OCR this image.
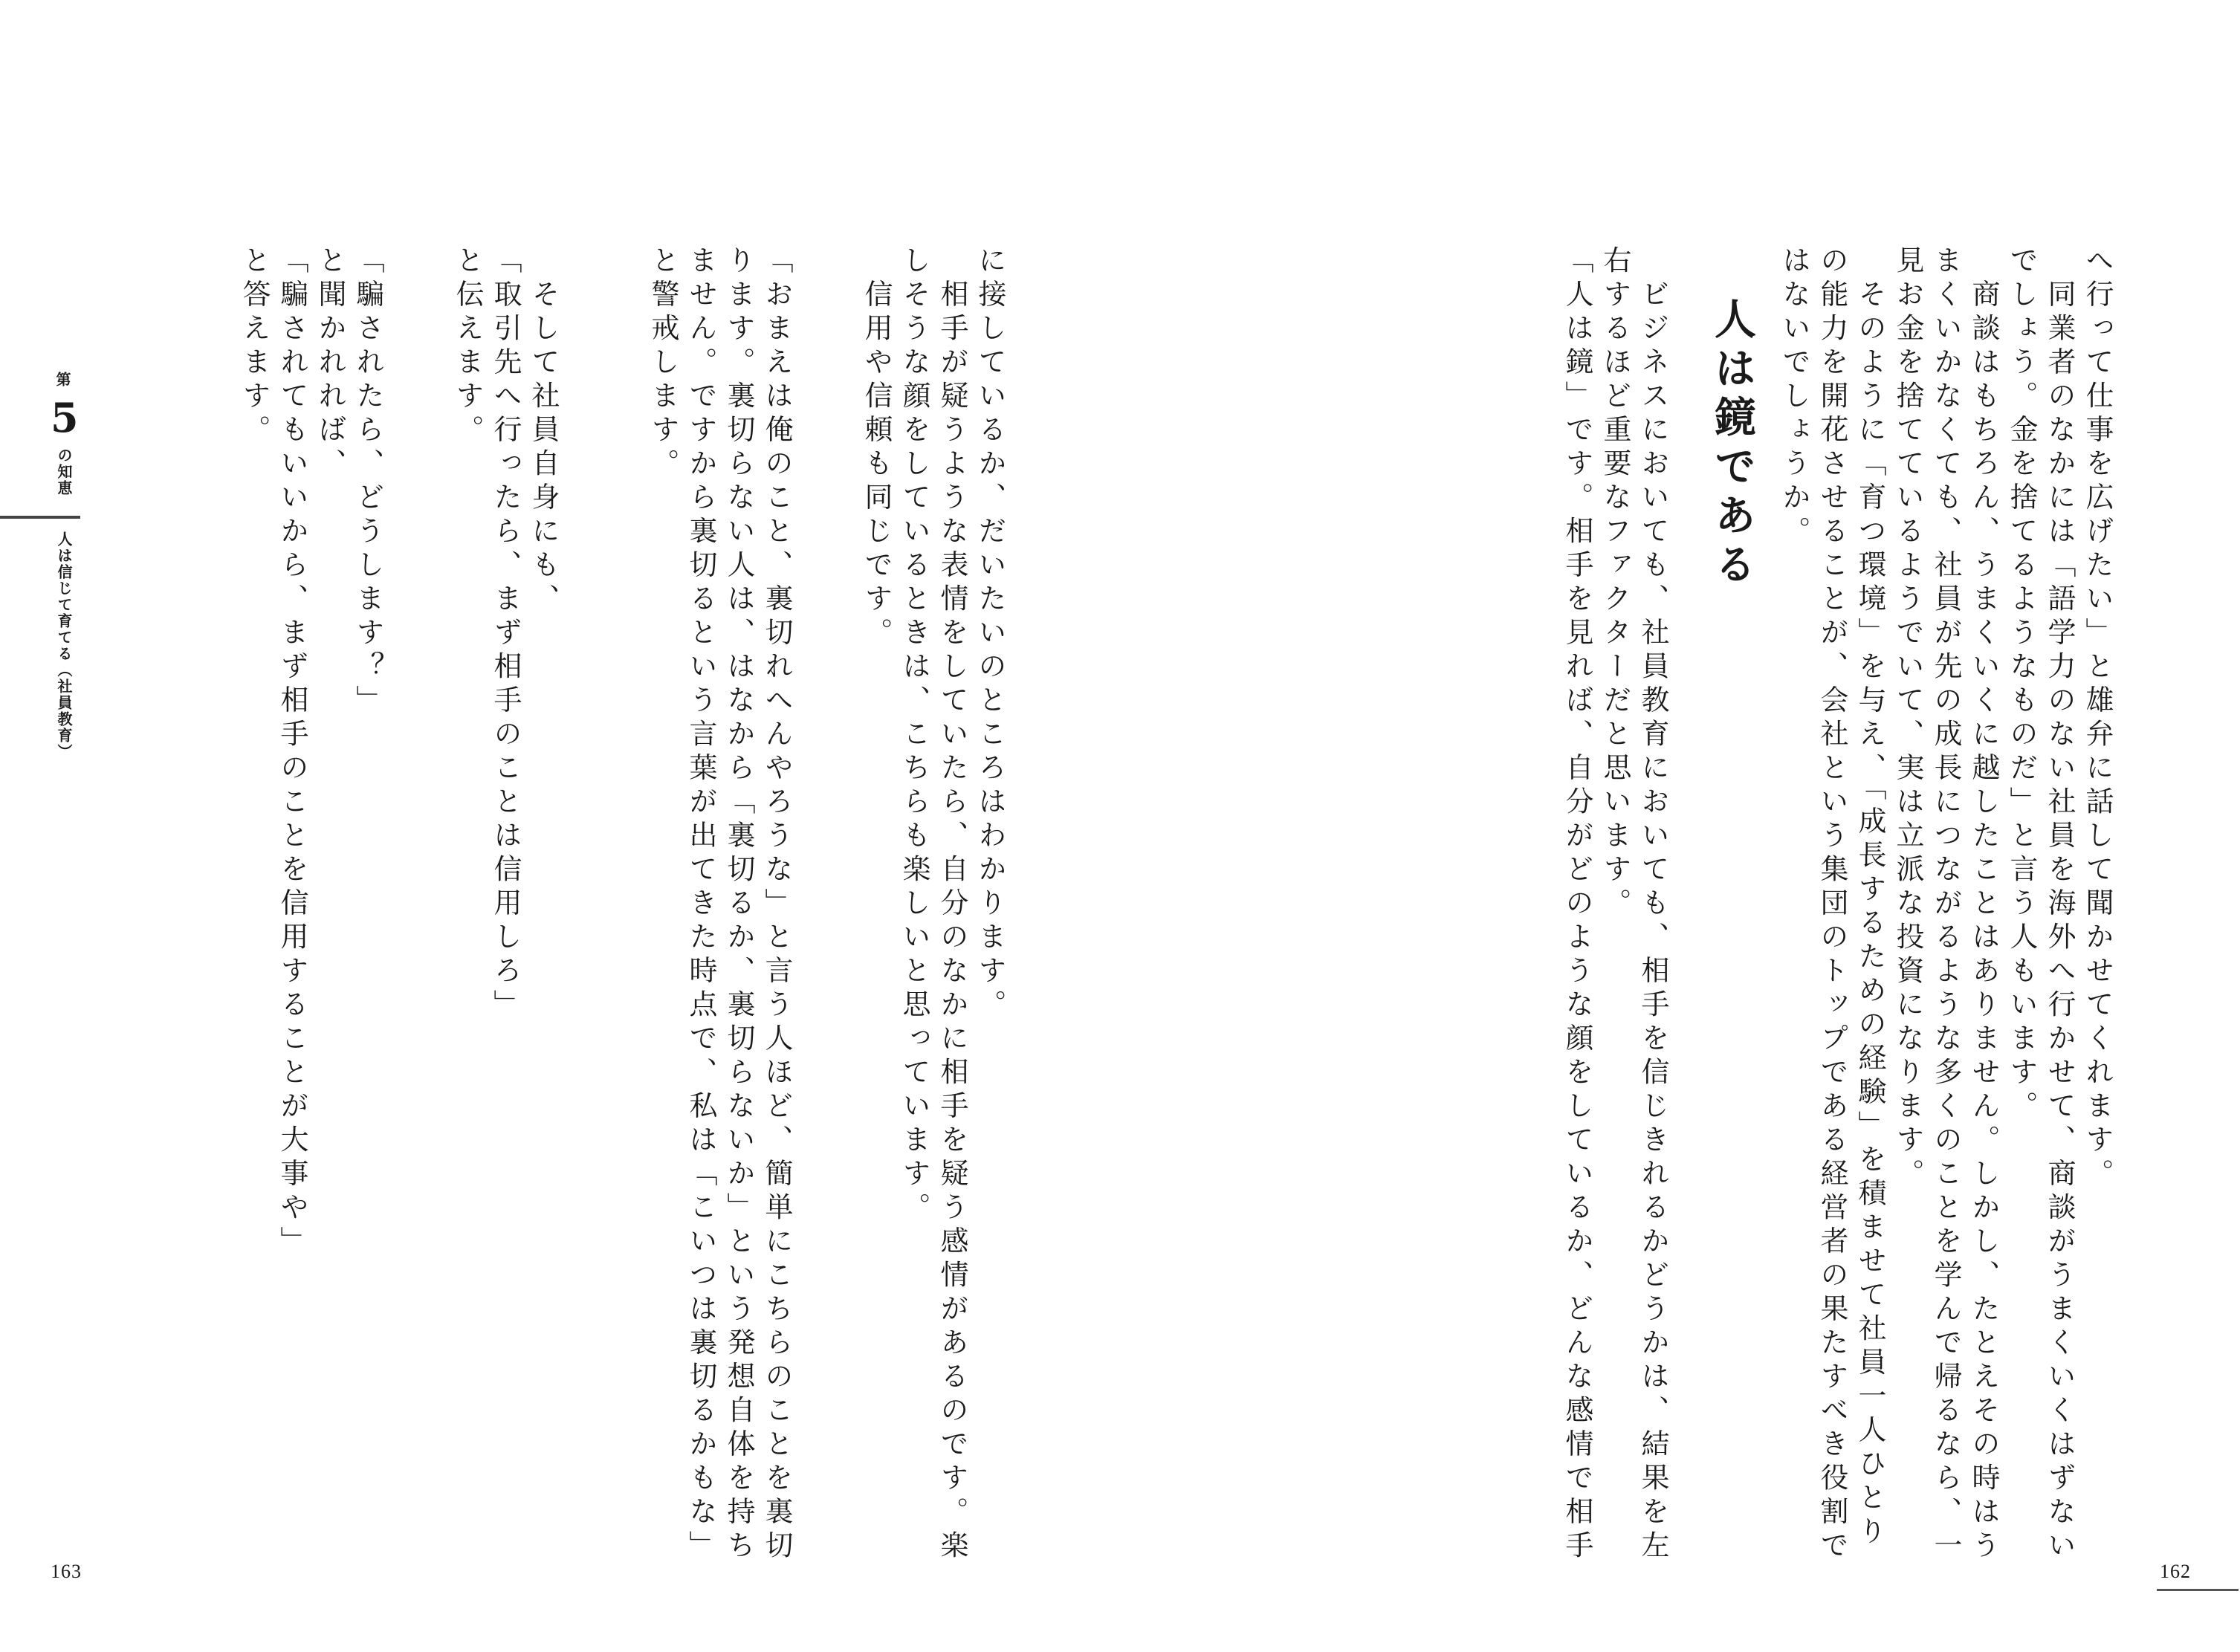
へ行って仕事を広げたい」と雄弁に話して聞かせてくれます。
　同業者のなかには「語学力のない社員を海外へ行かせて、商談がうまくいくはずない
でしょう。金を捨てるようなものだ」と言う人もいます。
　商談はもちろん、うまくいくに越したことはありません。しかし、たとえその時はう
まくいかなくても、社員が先の成長につながるような多くのことを学んで帰るなら、一
見お金を捨てているようでいて、実は立派な投資になります。
　そのように「育つ環境」を与え、「成長するための経験」を積ませて社員一人ひとり
の能力を開花させることが、会社という集団のトップである経営者の果たすべき役割で
はないでしょうか。
人は鏡である
　ビジネスにおいても、社員教育においても、相手を信じきれるかどうかは、結果を左
右するほど重要なファクターだと思います。
「人は鏡」です。相手を見れば、自分がどのような顔をしているか、どんな感情で相手
162
第
5
の知恵
人は信じて育てる（社員教育）	に接しているか、だいたいのところはわかります。
　相手が疑うような表情をしていたら、自分のなかに相手を疑う感情があるのです。楽
しそうな顔をしているときは、こちらも楽しいと思っています。
　信用や信頼も同じです。
「おまえは俺のこと、裏切れへんやろうな」と言う人ほど、簡単にこちらのことを裏切
ります。裏切らない人は、はなから「裏切るか、裏切らないか」という発想自体を持ち
ません。ですから裏切るという言葉が出てきた時点で、私は「こいつは裏切るかもな」
と警戒します。
　そして社員自身にも、
「取引先へ行ったら、まず相手のことは信用しろ」
と伝えます。
「騙されたら、どうします？」
と聞かれれば、
「騙されてもいいから、まず相手のことを信用することが大事や」
と答えます。
163
